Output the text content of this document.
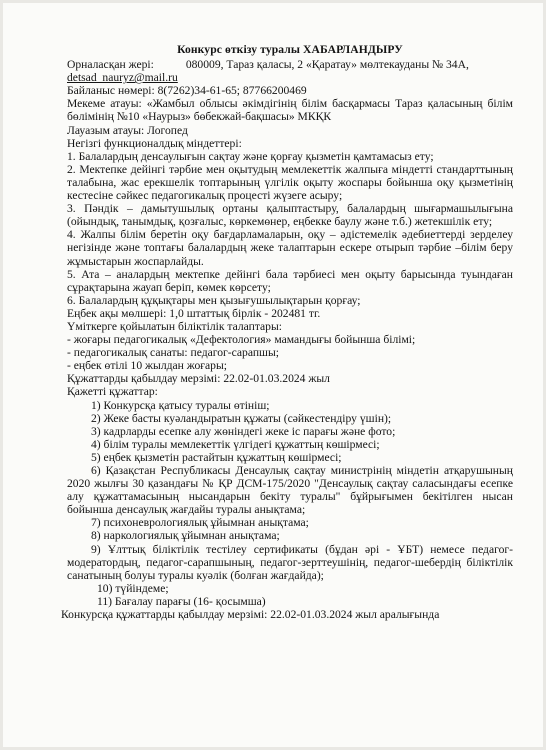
Конкурс өткізу туралы ХАБАРЛАНДЫРУ

Орналасқан жері:	080009, Тараз қаласы, 2 «Қаратау» мөлтекауданы № 34А,

detsad_nauryz@mail.ru

Байланыс нөмері: 8(7262)34-61-65; 87766200469

Мекеме атауы: «Жамбыл облысы әкімдігінің білім басқармасы Тараз қаласының білім бөлімінің №10 «Наурыз» бөбекжай-бақшасы» МКҚК

Лауазым атауы: Логопед

Негізгі функционалдық міндеттері:

1. Балалардың денсаулығын сақтау және қорғау қызметін қамтамасыз ету;

2. Мектепке дейінгі тәрбие мен оқытудың мемлекеттік жалпыға міндетті стандарттының талабына, жас ерекшелік топтарының үлгілік оқыту жоспары бойынша оқу қызметінің кестесіне сәйкес педагогикалық процесті жүзеге асыру;

3. Пәндік – дамытушылық ортаны қалыптастыру, балалардың шығармашылығына (ойындық, танымдық, қозғалыс, көркемөнер, еңбекке баулу және т.б.) жетекшілік ету;

4. Жалпы білім беретін оқу бағдарламаларын, оқу – әдістемелік әдебиеттерді зерделеу негізінде және топтағы балалардың жеке талаптарын ескере отырып тәрбие –білім беру жұмыстарын жоспарлайды.

5. Ата – аналардың мектепке дейінгі бала тәрбиесі мен оқыту барысында туындаған сұрақтарына жауап беріп, көмек көрсету;

6. Балалардың құқықтары мен қызығушылықтарын қорғау;

Еңбек ақы мөлшері: 1,0 штаттық бірлік - 202481 тг.

Үміткерге қойылатын біліктілік талаптары:

- жоғары педагогикалық «Дефектология» мамандығы бойынша білімі;

- педагогикалық санаты: педагог-сарапшы;

- еңбек өтілі 10 жылдан жоғары;

Құжаттарды қабылдау мерзімі: 22.02-01.03.2024 жыл

Қажетті құжаттар:

1) Конкурсқа қатысу туралы өтініш;

2) Жеке басты куәландыратын құжаты (сәйкестендіру үшін);

3) кадрларды есепке алу жөніндегі жеке іс парағы және фото;

4) білім туралы мемлекеттік үлгідегі құжаттың көшірмесі;

5) еңбек қызметін растайтын құжаттың көшірмесі;

6) Қазақстан Республикасы Денсаулық сақтау министрінің міндетін атқарушының 2020 жылғы 30 қазандағы № ҚР ДСМ-175/2020 "Денсаулық сақтау саласындағы есепке алу құжаттамасының нысандарын бекіту туралы" бұйрығымен бекітілген нысан бойынша денсаулық жағдайы туралы анықтама;

7) психоневрологиялық ұйымнан анықтама;

8) наркологиялық ұйымнан анықтама;

9) Ұлттық біліктілік тестілеу сертификаты (бұдан әрі - ҰБТ) немесе педагог-модератордың, педагог-сарапшының, педагог-зерттеушінің, педагог-шебердің біліктілік санатының болуы туралы куәлік (болған жағдайда);

10) түйіндеме;

11) Бағалау парағы (16- қосымша)

Конкурсқа құжаттарды қабылдау мерзімі: 22.02-01.03.2024 жыл аралығында
